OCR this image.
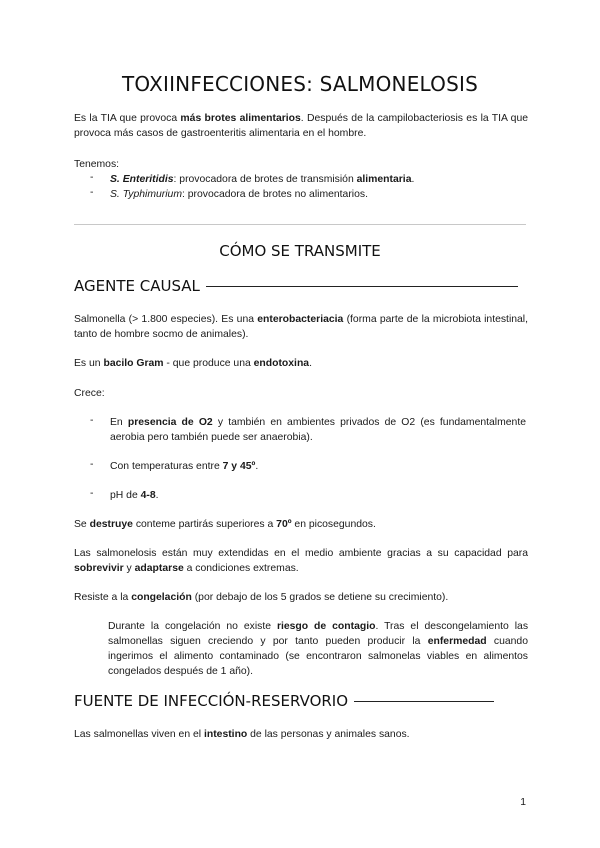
TOXIINFECCIONES: SALMONELOSIS
Es la TIA que provoca más brotes alimentarios. Después de la campilobacteriosis es la TIA que provoca más casos de gastroenteritis alimentaria en el hombre.
Tenemos:
- S. Enteritidis: provocadora de brotes de transmisión alimentaria.
- S. Typhimurium: provocadora de brotes no alimentarios.
CÓMO SE TRANSMITE
AGENTE CAUSAL
Salmonella (> 1.800 especies). Es una enterobacteriacia (forma parte de la microbiota intestinal, tanto de hombre socmo de animales).
Es un bacilo Gram - que produce una endotoxina.
Crece:
- En presencia de O2 y también en ambientes privados de O2 (es fundamentalmente aerobia pero también puede ser anaerobia).
- Con temperaturas entre 7 y 45º.
- pH de 4-8.
Se destruye conteme partirás superiores a 70º en picosegundos.
Las salmonelosis están muy extendidas en el medio ambiente gracias a su capacidad para sobrevivir y adaptarse a condiciones extremas.
Resiste a la congelación (por debajo de los 5 grados se detiene su crecimiento).
Durante la congelación no existe riesgo de contagio. Tras el descongelamiento las salmonellas siguen creciendo y por tanto pueden producir la enfermedad cuando ingerimos el alimento contaminado (se encontraron salmonelas viables en alimentos congelados después de 1 año).
FUENTE DE INFECCIÓN-RESERVORIO
Las salmonellas viven en el intestino de las personas y animales sanos.
1
